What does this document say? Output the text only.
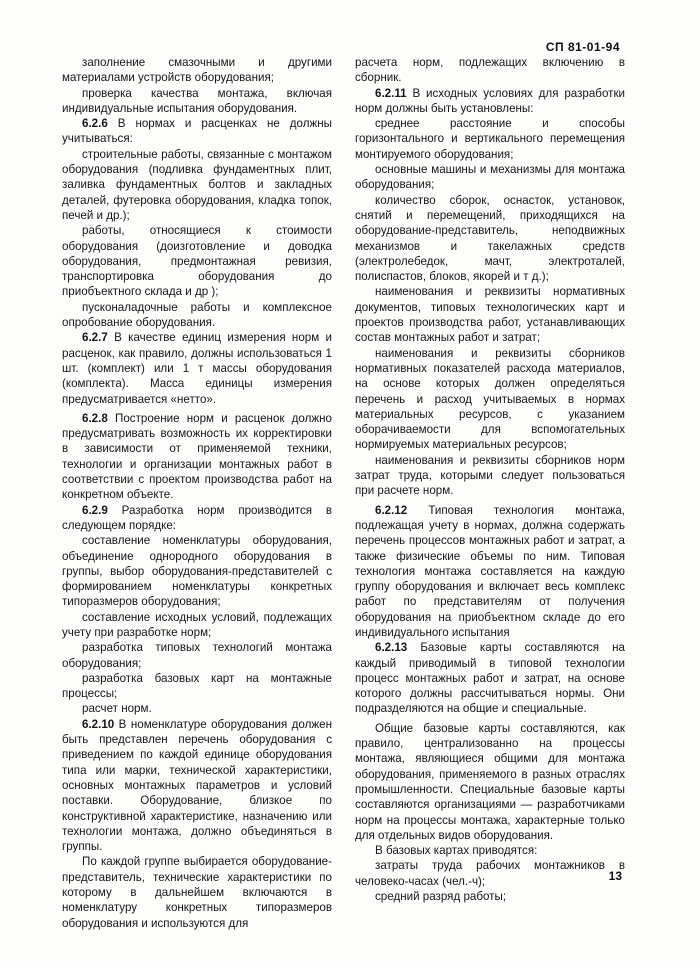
СП 81-01-94

заполнение смазочными и другими материалами устройств оборудования;

проверка качества монтажа, включая индивидуальные испытания оборудования.

6.2.6 В нормах и расценках не должны учитываться:

строительные работы, связанные с монтажом оборудования (подливка фундаментных плит, заливка фундаментных болтов и закладных деталей, футеровка оборудования, кладка топок, печей и др.);

работы, относящиеся к стоимости оборудования (доизготовление и доводка оборудования, предмонтажная ревизия, транспортировка оборудования до приобъектного склада и др );

пусконаладочные работы и комплексное опробование оборудования.

6.2.7 В качестве единиц измерения норм и расценок, как правило, должны использоваться 1 шт. (комплект) или 1 т массы оборудования (комплекта). Масса единицы измерения предусматривается «нетто».

6.2.8 Построение норм и расценок должно предусматривать возможность их корректировки в зависимости от применяемой техники, технологии и организации монтажных работ в соответствии с проектом производства работ на конкретном объекте.

6.2.9 Разработка норм производится в следующем порядке:

составление номенклатуры оборудования, объединение однородного оборудования в группы, выбор оборудования-представителей с формированием номенклатуры конкретных типоразмеров оборудования;

составление исходных условий, подлежащих учету при разработке норм;

разработка типовых технологий монтажа оборудования;

разработка базовых карт на монтажные процессы;

расчет норм.

6.2.10 В номенклатуре оборудования должен быть представлен перечень оборудования с приведением по каждой единице оборудования типа или марки, технической характеристики, основных монтажных параметров и условий поставки. Оборудование, близкое по конструктивной характеристике, назначению или технологии монтажа, должно объединяться в группы.

По каждой группе выбирается оборудование-представитель, технические характеристики по которому в дальнейшем включаются в номенклатуру конкретных типоразмеров оборудования и используются для

расчета норм, подлежащих включению в сборник.

6.2.11 В исходных условиях для разработки норм должны быть установлены:

среднее расстояние и способы горизонтального и вертикального перемещения монтируемого оборудования;

основные машины и механизмы для монтажа оборудования;

количество сборок, оснасток, установок, снятий и перемещений, приходящихся на оборудование-представитель, неподвижных механизмов и такелажных средств (электролебедок, мачт, электроталей, полиспастов, блоков, якорей и т д.);

наименования и реквизиты нормативных документов, типовых технологических карт и проектов производства работ, устанавливающих состав монтажных работ и затрат;

наименования и реквизиты сборников нормативных показателей расхода материалов, на основе которых должен определяться перечень и расход учитываемых в нормах материальных ресурсов, с указанием оборачиваемости для вспомогательных нормируемых материальных ресурсов;

наименования и реквизиты сборников норм затрат труда, которыми следует пользоваться при расчете норм.

6.2.12 Типовая технология монтажа, подлежащая учету в нормах, должна содержать перечень процессов монтажных работ и затрат, а также физические объемы по ним. Типовая технология монтажа составляется на каждую группу оборудования и включает весь комплекс работ по представителям от получения оборудования на приобъектном складе до его индивидуального испытания

6.2.13 Базовые карты составляются на каждый приводимый в типовой технологии процесс монтажных работ и затрат, на основе которого должны рассчитываться нормы. Они подразделяются на общие и специальные.

Общие базовые карты составляются, как правило, централизованно на процессы монтажа, являющиеся общими для монтажа оборудования, применяемого в разных отраслях промышленности. Специальные базовые карты составляются организациями — разработчиками норм на процессы монтажа, характерные только для отдельных видов оборудования.

В базовых картах приводятся:

затраты труда рабочих монтажников в человеко-часах (чел.-ч);

средний разряд работы;

13
